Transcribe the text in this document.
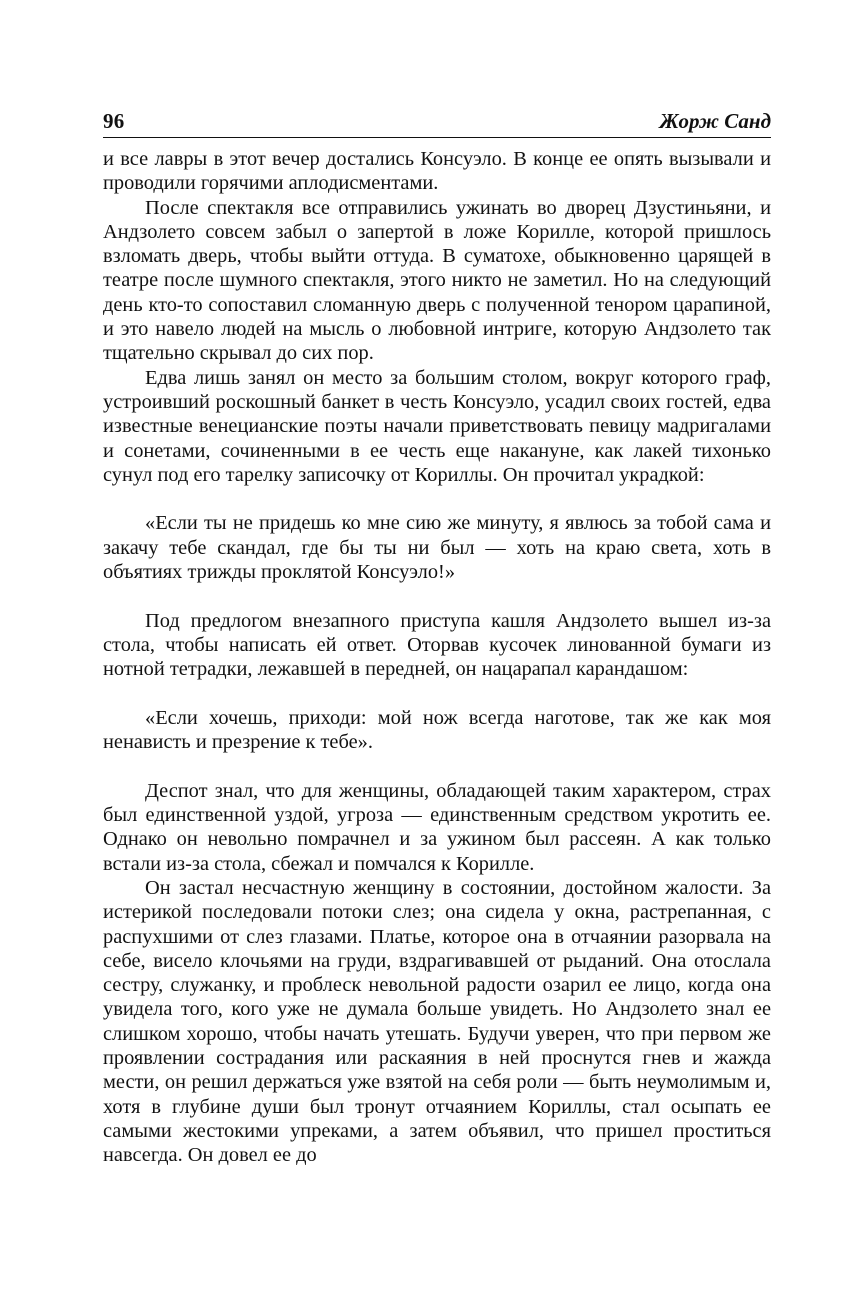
96	Жорж Санд

и все лавры в этот вечер достались Консуэло. В конце ее опять вызывали и проводили горячими аплодисментами.

После спектакля все отправились ужинать во дворец Дзустиньяни, и Андзолето совсем забыл о запертой в ложе Корилле, которой пришлось взломать дверь, чтобы выйти оттуда. В суматохе, обыкновенно царящей в театре после шумного спектакля, этого никто не заметил. Но на следующий день кто-то сопоставил сломанную дверь с полученной тенором царапиной, и это навело людей на мысль о любовной интриге, которую Андзолето так тщательно скрывал до сих пор.

Едва лишь занял он место за большим столом, вокруг которого граф, устроивший роскошный банкет в честь Консуэло, усадил своих гостей, едва известные венецианские поэты начали приветствовать певицу мадригалами и сонетами, сочиненными в ее честь еще накануне, как лакей тихонько сунул под его тарелку записочку от Кориллы. Он прочитал украдкой:

«Если ты не придешь ко мне сию же минуту, я явлюсь за тобой сама и закачу тебе скандал, где бы ты ни был — хоть на краю света, хоть в объятиях трижды проклятой Консуэло!»

Под предлогом внезапного приступа кашля Андзолето вышел из-за стола, чтобы написать ей ответ. Оторвав кусочек линованной бумаги из нотной тетрадки, лежавшей в передней, он нацарапал карандашом:

«Если хочешь, приходи: мой нож всегда наготове, так же как моя ненависть и презрение к тебе».

Деспот знал, что для женщины, обладающей таким характером, страх был единственной уздой, угроза — единственным средством укротить ее. Однако он невольно помрачнел и за ужином был рассеян. А как только встали из-за стола, сбежал и помчался к Корилле.

Он застал несчастную женщину в состоянии, достойном жалости. За истерикой последовали потоки слез; она сидела у окна, растрепанная, с распухшими от слез глазами. Платье, которое она в отчаянии разорвала на себе, висело клочьями на груди, вздрагивавшей от рыданий. Она отослала сестру, служанку, и проблеск невольной радости озарил ее лицо, когда она увидела того, кого уже не думала больше увидеть. Но Андзолето знал ее слишком хорошо, чтобы начать утешать. Будучи уверен, что при первом же проявлении сострадания или раскаяния в ней проснутся гнев и жажда мести, он решил держаться уже взятой на себя роли — быть неумолимым и, хотя в глубине души был тронут отчаянием Кориллы, стал осыпать ее самыми жестокими упреками, а затем объявил, что пришел проститься навсегда. Он довел ее до
